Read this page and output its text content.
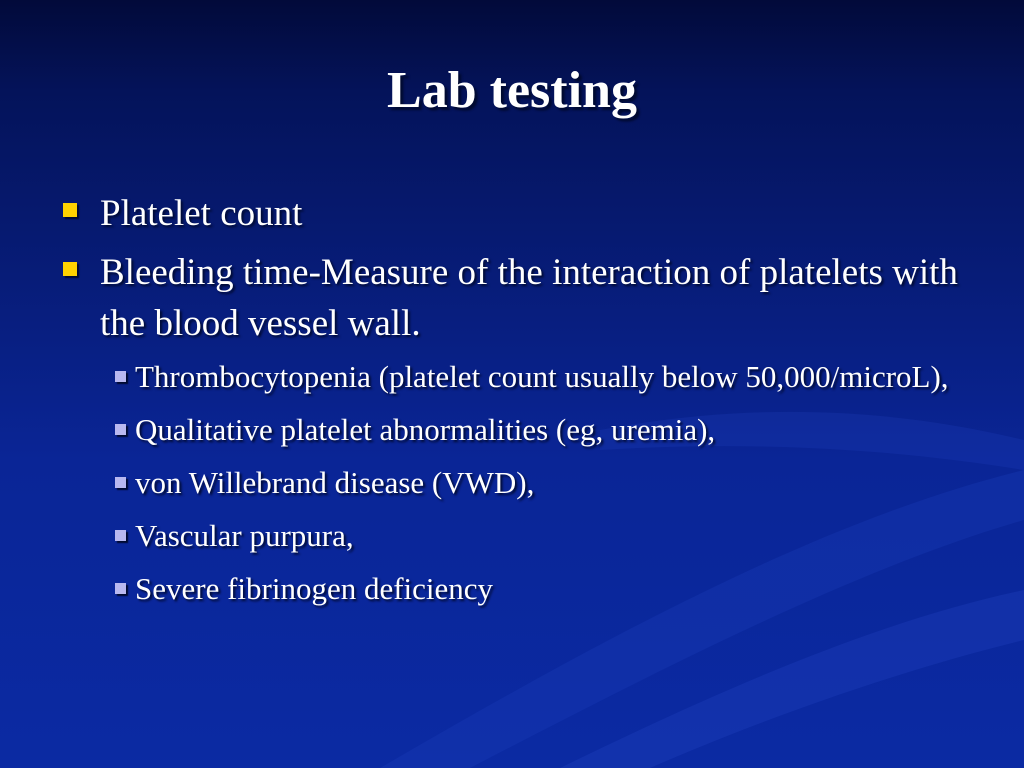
Lab testing
Platelet count
Bleeding time-Measure of the interaction of platelets with the blood vessel wall.
Thrombocytopenia (platelet count usually below 50,000/microL),
Qualitative platelet abnormalities (eg, uremia),
von Willebrand disease (VWD),
Vascular purpura,
Severe fibrinogen deficiency
